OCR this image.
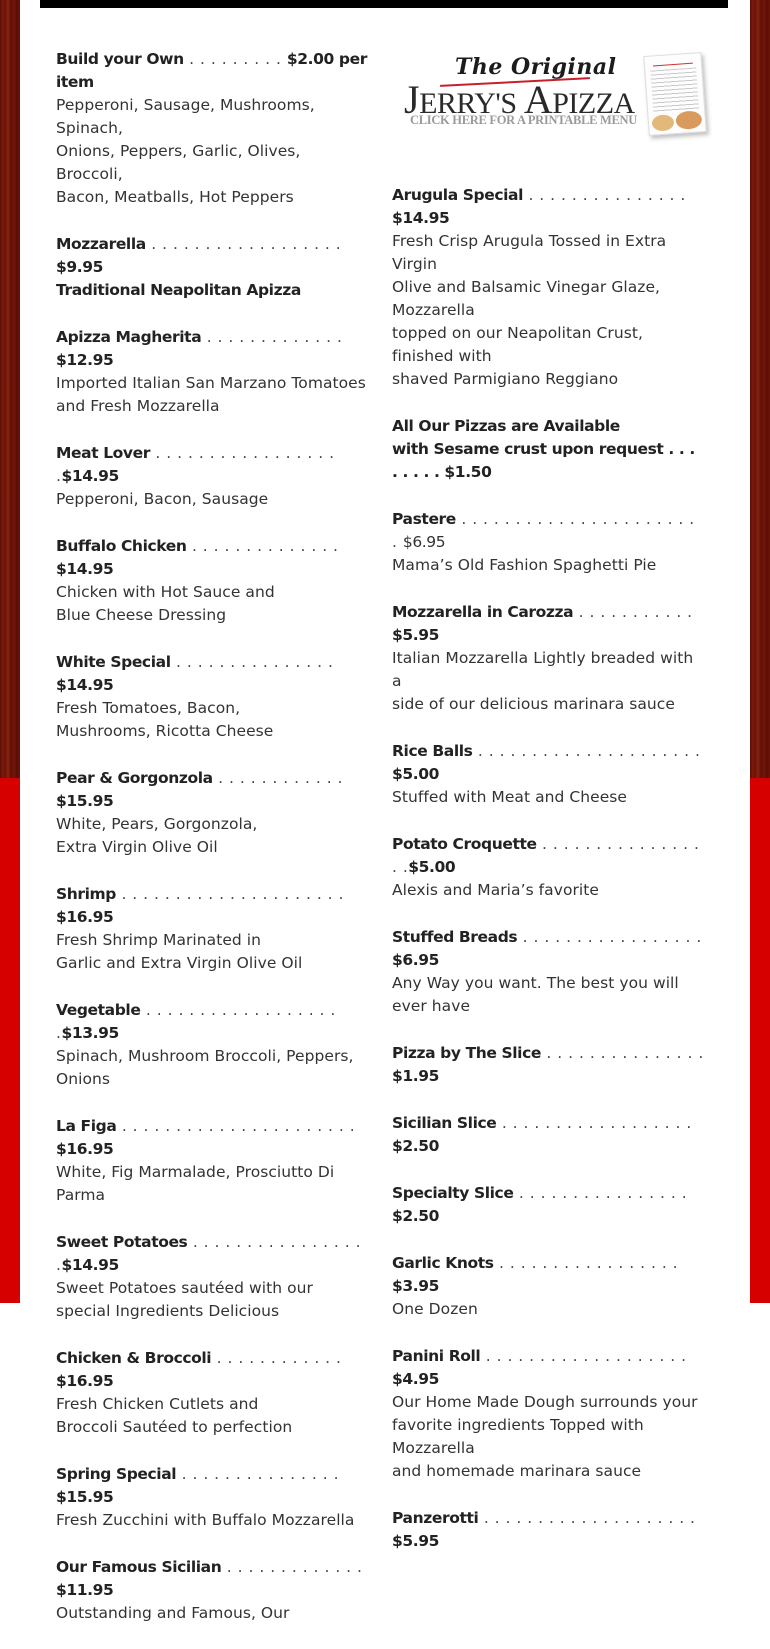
The Original
JERRY'S APIZZA
CLICK HERE FOR A PRINTABLE MENU
Build your Own . . . . . . . . . $2.00 per item
Pepperoni, Sausage, Mushrooms, Spinach,
Onions, Peppers, Garlic, Olives, Broccoli,
Bacon, Meatballs, Hot Peppers
Mozzarella . . . . . . . . . . . . . . . . . . $9.95
Traditional Neapolitan Apizza
Apizza Magherita . . . . . . . . . . . . . $12.95
Imported Italian San Marzano Tomatoes
and Fresh Mozzarella
Meat Lover . . . . . . . . . . . . . . . . . .$14.95
Pepperoni, Bacon, Sausage
Buffalo Chicken . . . . . . . . . . . . . . $14.95
Chicken with Hot Sauce and
Blue Cheese Dressing
White Special . . . . . . . . . . . . . . . $14.95
Fresh Tomatoes, Bacon,
Mushrooms, Ricotta Cheese
Pear & Gorgonzola . . . . . . . . . . . . $15.95
White, Pears, Gorgonzola,
Extra Virgin Olive Oil
Shrimp . . . . . . . . . . . . . . . . . . . . . $16.95
Fresh Shrimp Marinated in
Garlic and Extra Virgin Olive Oil
Vegetable . . . . . . . . . . . . . . . . . . .$13.95
Spinach, Mushroom Broccoli, Peppers, Onions
La Figa . . . . . . . . . . . . . . . . . . . . . . $16.95
White, Fig Marmalade, Prosciutto Di Parma
Sweet Potatoes . . . . . . . . . . . . . . . . .$14.95
Sweet Potatoes sautéed with our
special Ingredients Delicious
Chicken & Broccoli . . . . . . . . . . . . $16.95
Fresh Chicken Cutlets and
Broccoli Sautéed to perfection
Spring Special . . . . . . . . . . . . . . . $15.95
Fresh Zucchini with Buffalo Mozzarella
Our Famous Sicilian . . . . . . . . . . . . . $11.95
Outstanding and Famous, Our
Arugula Special . . . . . . . . . . . . . . . $14.95
Fresh Crisp Arugula Tossed in Extra Virgin
Olive and Balsamic Vinegar Glaze, Mozzarella
topped on our Neapolitan Crust, finished with
shaved Parmigiano Reggiano
All Our Pizzas are Available
with Sesame crust upon request . . . . . . . . $1.50
Pastere . . . . . . . . . . . . . . . . . . . . . . . $6.95
Mama’s Old Fashion Spaghetti Pie
Mozzarella in Carozza . . . . . . . . . . . $5.95
Italian Mozzarella Lightly breaded with a
side of our delicious marinara sauce
Rice Balls . . . . . . . . . . . . . . . . . . . . . $5.00
Stuffed with Meat and Cheese
Potato Croquette . . . . . . . . . . . . . . . . .$5.00
Alexis and Maria’s favorite
Stuffed Breads . . . . . . . . . . . . . . . . . $6.95
Any Way you want. The best you will ever have
Pizza by The Slice . . . . . . . . . . . . . . . $1.95
Sicilian Slice . . . . . . . . . . . . . . . . . . $2.50
Specialty Slice . . . . . . . . . . . . . . . . $2.50
Garlic Knots . . . . . . . . . . . . . . . . . $3.95
One Dozen
Panini Roll . . . . . . . . . . . . . . . . . . . $4.95
Our Home Made Dough surrounds your
favorite ingredients Topped with Mozzarella
and homemade marinara sauce
Panzerotti . . . . . . . . . . . . . . . . . . . . $5.95
